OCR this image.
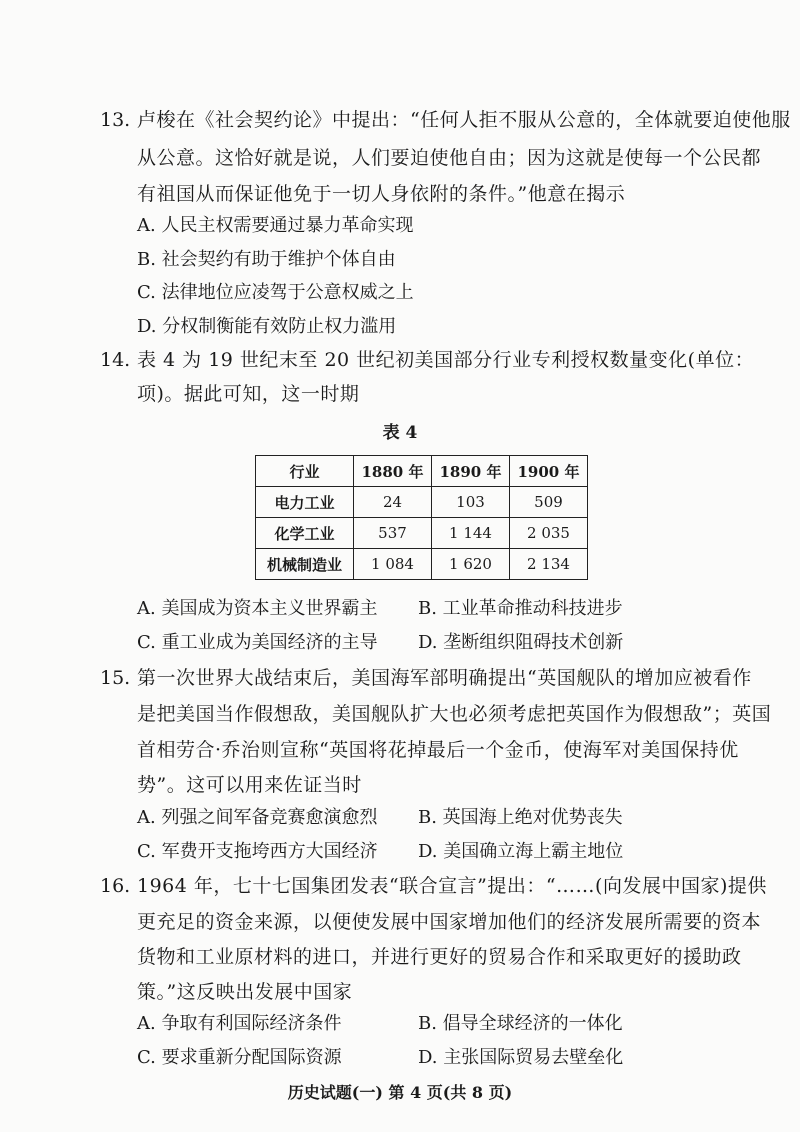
13. 卢梭在《社会契约论》中提出：“任何人拒不服从公意的，全体就要迫使他服
从公意。这恰好就是说，人们要迫使他自由；因为这就是使每一个公民都
有祖国从而保证他免于一切人身依附的条件。”他意在揭示
A. 人民主权需要通过暴力革命实现
B. 社会契约有助于维护个体自由
C. 法律地位应凌驾于公意权威之上
D. 分权制衡能有效防止权力滥用
14. 表 4 为 19 世纪末至 20 世纪初美国部分行业专利授权数量变化(单位：
项)。据此可知，这一时期
表 4
行业	1880 年	1890 年	1900 年
电力工业	24	103	509
化学工业	537	1 144	2 035
机械制造业	1 084	1 620	2 134
A. 美国成为资本主义世界霸主 B. 工业革命推动科技进步
C. 重工业成为美国经济的主导 D. 垄断组织阻碍技术创新
15. 第一次世界大战结束后，美国海军部明确提出“英国舰队的增加应被看作
是把美国当作假想敌，美国舰队扩大也必须考虑把英国作为假想敌”；英国
首相劳合·乔治则宣称“英国将花掉最后一个金币，使海军对美国保持优
势”。这可以用来佐证当时
A. 列强之间军备竞赛愈演愈烈 B. 英国海上绝对优势丧失
C. 军费开支拖垮西方大国经济 D. 美国确立海上霸主地位
16. 1964 年，七十七国集团发表“联合宣言”提出：“……(向发展中国家)提供
更充足的资金来源，以便使发展中国家增加他们的经济发展所需要的资本
货物和工业原材料的进口，并进行更好的贸易合作和采取更好的援助政
策。”这反映出发展中国家
A. 争取有利国际经济条件	B. 倡导全球经济的一体化
C. 要求重新分配国际资源	D. 主张国际贸易去壁垒化
历史试题(一) 第 4 页(共 8 页)
